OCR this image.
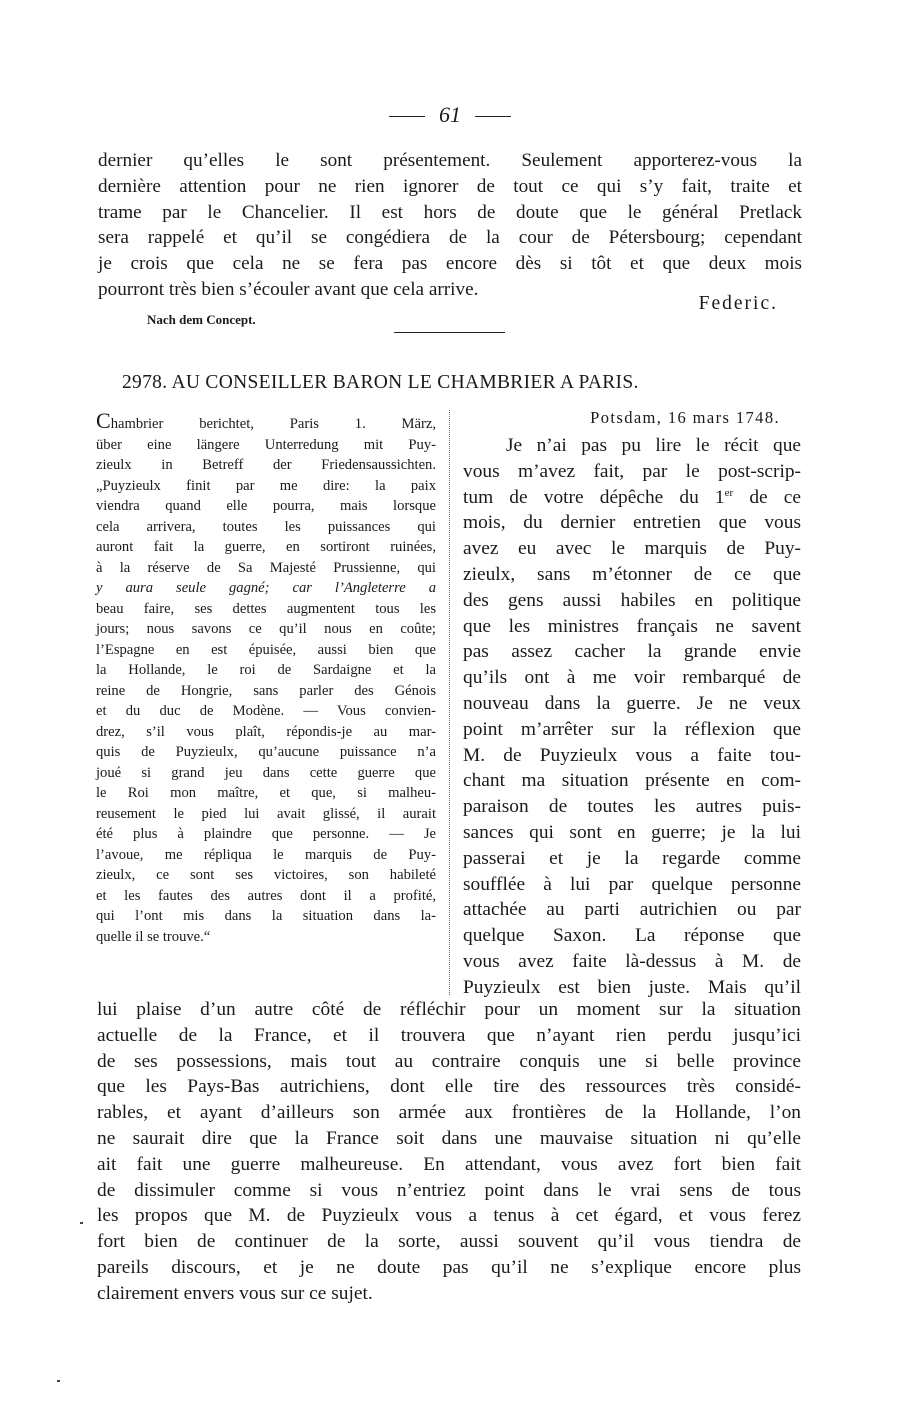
61
dernier qu’elles le sont présentement. Seulement apporterez-vous la
dernière attention pour ne rien ignorer de tout ce qui s’y fait, traite et
trame par le Chancelier. Il est hors de doute que le général Pretlack
sera rappelé et qu’il se congédiera de la cour de Pétersbourg; cependant
je crois que cela ne se fera pas encore dès si tôt et que deux mois
pourront très bien s’écouler avant que cela arrive.
Federic.
Nach dem Concept.
2978. AU CONSEILLER BARON LE CHAMBRIER A PARIS.
Chambrier berichtet, Paris 1. März,
über eine längere Unterredung mit Puy-
zieulx in Betreff der Friedensaussichten.
„Puyzieulx finit par me dire: la paix
viendra quand elle pourra, mais lorsque
cela arrivera, toutes les puissances qui
auront fait la guerre, en sortiront ruinées,
à la réserve de Sa Majesté Prussienne, qui
y aura seule gagné; car l’Angleterre a
beau faire, ses dettes augmentent tous les
jours; nous savons ce qu’il nous en coûte;
l’Espagne en est épuisée, aussi bien que
la Hollande, le roi de Sardaigne et la
reine de Hongrie, sans parler des Génois
et du duc de Modène. — Vous convien-
drez, s’il vous plaît, répondis-je au mar-
quis de Puyzieulx, qu’aucune puissance n’a
joué si grand jeu dans cette guerre que
le Roi mon maître, et que, si malheu-
reusement le pied lui avait glissé, il aurait
été plus à plaindre que personne. — Je
l’avoue, me répliqua le marquis de Puy-
zieulx, ce sont ses victoires, son habileté
et les fautes des autres dont il a profité,
qui l’ont mis dans la situation dans la-
quelle il se trouve.“
Potsdam, 16 mars 1748.
Je n’ai pas pu lire le récit que
vous m’avez fait, par le post-scrip-
tum de votre dépêche du 1er de ce
mois, du dernier entretien que vous
avez eu avec le marquis de Puy-
zieulx, sans m’étonner de ce que
des gens aussi habiles en politique
que les ministres français ne savent
pas assez cacher la grande envie
qu’ils ont à me voir rembarqué de
nouveau dans la guerre. Je ne veux
point m’arrêter sur la réflexion que
M. de Puyzieulx vous a faite tou-
chant ma situation présente en com-
paraison de toutes les autres puis-
sances qui sont en guerre; je la lui
passerai et je la regarde comme
soufflée à lui par quelque personne
attachée au parti autrichien ou par
quelque Saxon. La réponse que
vous avez faite là-dessus à M. de
Puyzieulx est bien juste. Mais qu’il
lui plaise d’un autre côté de réfléchir pour un moment sur la situation
actuelle de la France, et il trouvera que n’ayant rien perdu jusqu’ici
de ses possessions, mais tout au contraire conquis une si belle province
que les Pays-Bas autrichiens, dont elle tire des ressources très considé-
rables, et ayant d’ailleurs son armée aux frontières de la Hollande, l’on
ne saurait dire que la France soit dans une mauvaise situation ni qu’elle
ait fait une guerre malheureuse. En attendant, vous avez fort bien fait
de dissimuler comme si vous n’entriez point dans le vrai sens de tous
les propos que M. de Puyzieulx vous a tenus à cet égard, et vous ferez
fort bien de continuer de la sorte, aussi souvent qu’il vous tiendra de
pareils discours, et je ne doute pas qu’il ne s’explique encore plus
clairement envers vous sur ce sujet.
